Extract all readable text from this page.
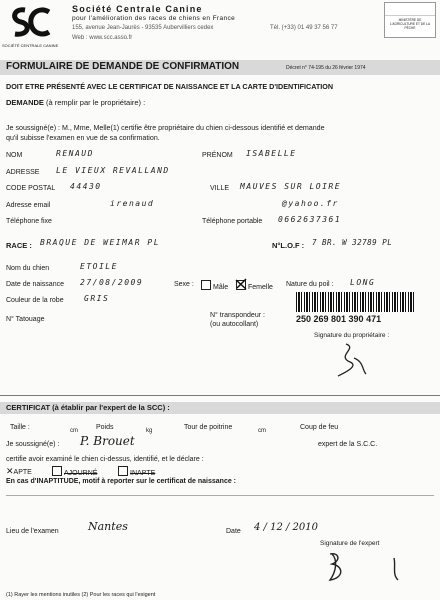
SOCIÉTÉ CENTRALE CANINE
Société Centrale Canine
pour l'amélioration des races de chiens en France
155, avenue Jean-Jaurès - 93535 Aubervilliers cedex	Tél. (+33) 01 49 37 56 77
Web : www.scc.asso.fr
MINISTÈRE DE L'AGRICULTURE ET DE LA PÊCHE
FORMULAIRE DE DEMANDE DE CONFIRMATION	Décret n° 74-195 du 26 février 1974
DOIT ETRE PRÉSENTÉ AVEC LE CERTIFICAT DE NAISSANCE ET LA CARTE D'IDENTIFICATION
DEMANDE (à remplir par le propriétaire) :
Je soussigné(e) : M., Mme, Melle(1) certifie être propriétaire du chien ci-dessous identifié et demande
qu'il subisse l'examen en vue de sa confirmation.
NOM	RENAUD	PRÉNOM ISABELLE
ADRESSE LE VIEUX REVALLAND
CODE POSTAL 44430	VILLE MAUVES SUR LOIRE
Adresse email	irenaud	@yahoo.fr
Téléphone fixe	Téléphone portable 0662637361
RACE : BRAQUE DE WEIMAR PL	N°L.O.F : 7 BR. W 32789 PL
Nom du chien	ETOILE
Date de naissance 27/08/2009	Sexe :	Mâle	Femelle Nature du poil : LONG
Couleur de la robe	GRIS
N° Tatouage
N° transpondeur :
(ou autocollant)
250 269 801 390 471
Signature du propriétaire :
CERTIFICAT (à établir par l'expert de la SCC) :
Taille :	cm	Poids	kg	Tour de poitrine	cm	Coup de feu
Je soussigné(e) : P. Brouet	expert de la S.C.C.
certifie avoir examiné le chien ci-dessus, identifié, et le déclare :
✕APTE	AJOURNÉ	INAPTE
En cas d'INAPTITUDE, motif à reporter sur le certificat de naissance :
Lieu de l'examen	Nantes	Date 4 / 12 / 2010
Signature de l'expert
(1) Rayer les mentions inutiles (2) Pour les races qui l'exigent
